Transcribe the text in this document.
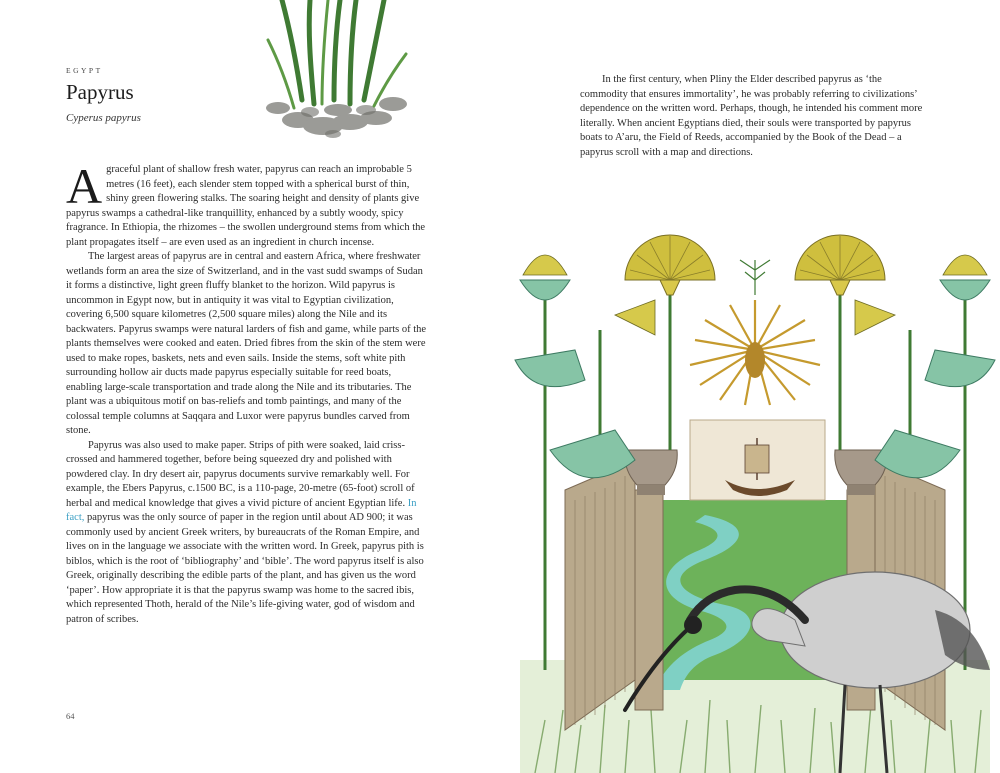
EGYPT
Papyrus
Cyperus papyrus

Agraceful plant of shallow fresh water, papyrus can reach an improbable 5 metres (16 feet), each slender stem topped with a spherical burst of thin, shiny green flowering stalks. The soaring height and density of plants give papyrus swamps a cathedral-like tranquillity, enhanced by a subtly woody, spicy fragrance. In Ethiopia, the rhizomes – the swollen underground stems from which the plant propagates itself – are even used as an ingredient in church incense.

The largest areas of papyrus are in central and eastern Africa, where freshwater wetlands form an area the size of Switzerland, and in the vast sudd swamps of Sudan it forms a distinctive, light green fluffy blanket to the horizon. Wild papyrus is uncommon in Egypt now, but in antiquity it was vital to Egyptian civilization, covering 6,500 square kilometres (2,500 square miles) along the Nile and its backwaters. Papyrus swamps were natural larders of fish and game, while parts of the plants themselves were cooked and eaten. Dried fibres from the skin of the stem were used to make ropes, baskets, nets and even sails. Inside the stems, soft white pith surrounding hollow air ducts made papyrus especially suitable for reed boats, enabling large-scale transportation and trade along the Nile and its tributaries. The plant was a ubiquitous motif on bas-reliefs and tomb paintings, and many of the colossal temple columns at Saqqara and Luxor were papyrus bundles carved from stone.

Papyrus was also used to make paper. Strips of pith were soaked, laid criss-crossed and hammered together, before being squeezed dry and polished with powdered clay. In dry desert air, papyrus documents survive remarkably well. For example, the Ebers Papyrus, c.1500 BC, is a 110-page, 20-metre (65-foot) scroll of herbal and medical knowledge that gives a vivid picture of ancient Egyptian life. In fact, papyrus was the only source of paper in the region until about AD 900; it was commonly used by ancient Greek writers, by bureaucrats of the Roman Empire, and lives on in the language we associate with the written word. In Greek, papyrus pith is biblos, which is the root of ‘bibliography’ and ‘bible’. The word papyrus itself is also Greek, originally describing the edible parts of the plant, and has given us the word ‘paper’. How appropriate it is that the papyrus swamp was home to the sacred ibis, which represented Thoth, herald of the Nile’s life-giving water, god of wisdom and patron of scribes.

64

In the first century, when Pliny the Elder described papyrus as ‘the commodity that ensures immortality’, he was probably referring to civilizations’ dependence on the written word. Perhaps, though, he intended his comment more literally. When ancient Egyptians died, their souls were transported by papyrus boats to A’aru, the Field of Reeds, accompanied by the Book of the Dead – a papyrus scroll with a map and directions.
